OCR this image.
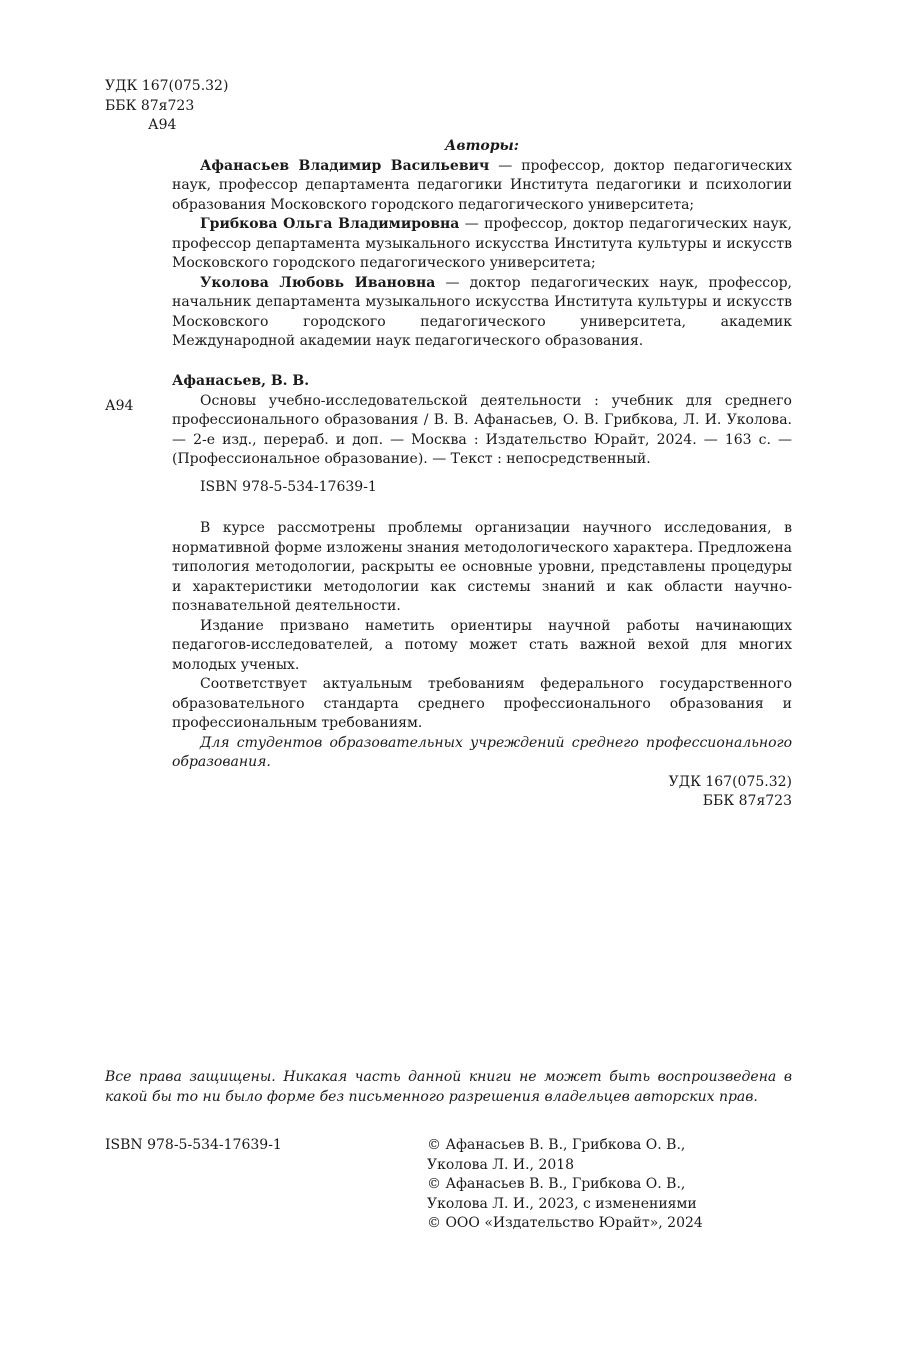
УДК 167(075.32)
ББК 87я723
А94

Авторы:

Афанасьев Владимир Васильевич — профессор, доктор педагогических наук, профессор департамента педагогики Института педагогики и психологии образования Московского городского педагогического университета;

Грибкова Ольга Владимировна — профессор, доктор педагогических наук, профессор департамента музыкального искусства Института культуры и искусств Московского городского педагогического университета;

Уколова Любовь Ивановна — доктор педагогических наук, профессор, начальник департамента музыкального искусства Института культуры и искусств Московского городского педагогического университета, академик Международной академии наук педагогического образования.

Афанасьев, В. В.

Основы учебно-исследовательской деятельности : учебник для среднего профессионального образования / В. В. Афанасьев, О. В. Грибкова, Л. И. Уколова. — 2-е изд., перераб. и доп. — Москва : Издательство Юрайт, 2024. — 163 с. — (Профессиональное образование). — Текст : непосредственный.

ISBN 978-5-534-17639-1

А94

В курсе рассмотрены проблемы организации научного исследования, в нормативной форме изложены знания методологического характера. Предложена типология методологии, раскрыты ее основные уровни, представлены процедуры и характеристики методологии как системы знаний и как области научно-познавательной деятельности.

Издание призвано наметить ориентиры научной работы начинающих педагогов-исследователей, а потому может стать важной вехой для многих молодых ученых.

Соответствует актуальным требованиям федерального государственного образовательного стандарта среднего профессионального образования и профессиональным требованиям.

Для студентов образовательных учреждений среднего профессионального образования.

УДК 167(075.32)

ББК 87я723

Все права защищены. Никакая часть данной книги не может быть воспроизведена в какой бы то ни было форме без письменного разрешения владельцев авторских прав.
ISBN 978-5-534-17639-1	© Афанасьев В. В., Грибкова О. В.,
Уколова Л. И., 2018
© Афанасьев В. В., Грибкова О. В.,
Уколова Л. И., 2023, с изменениями
© ООО «Издательство Юрайт», 2024
